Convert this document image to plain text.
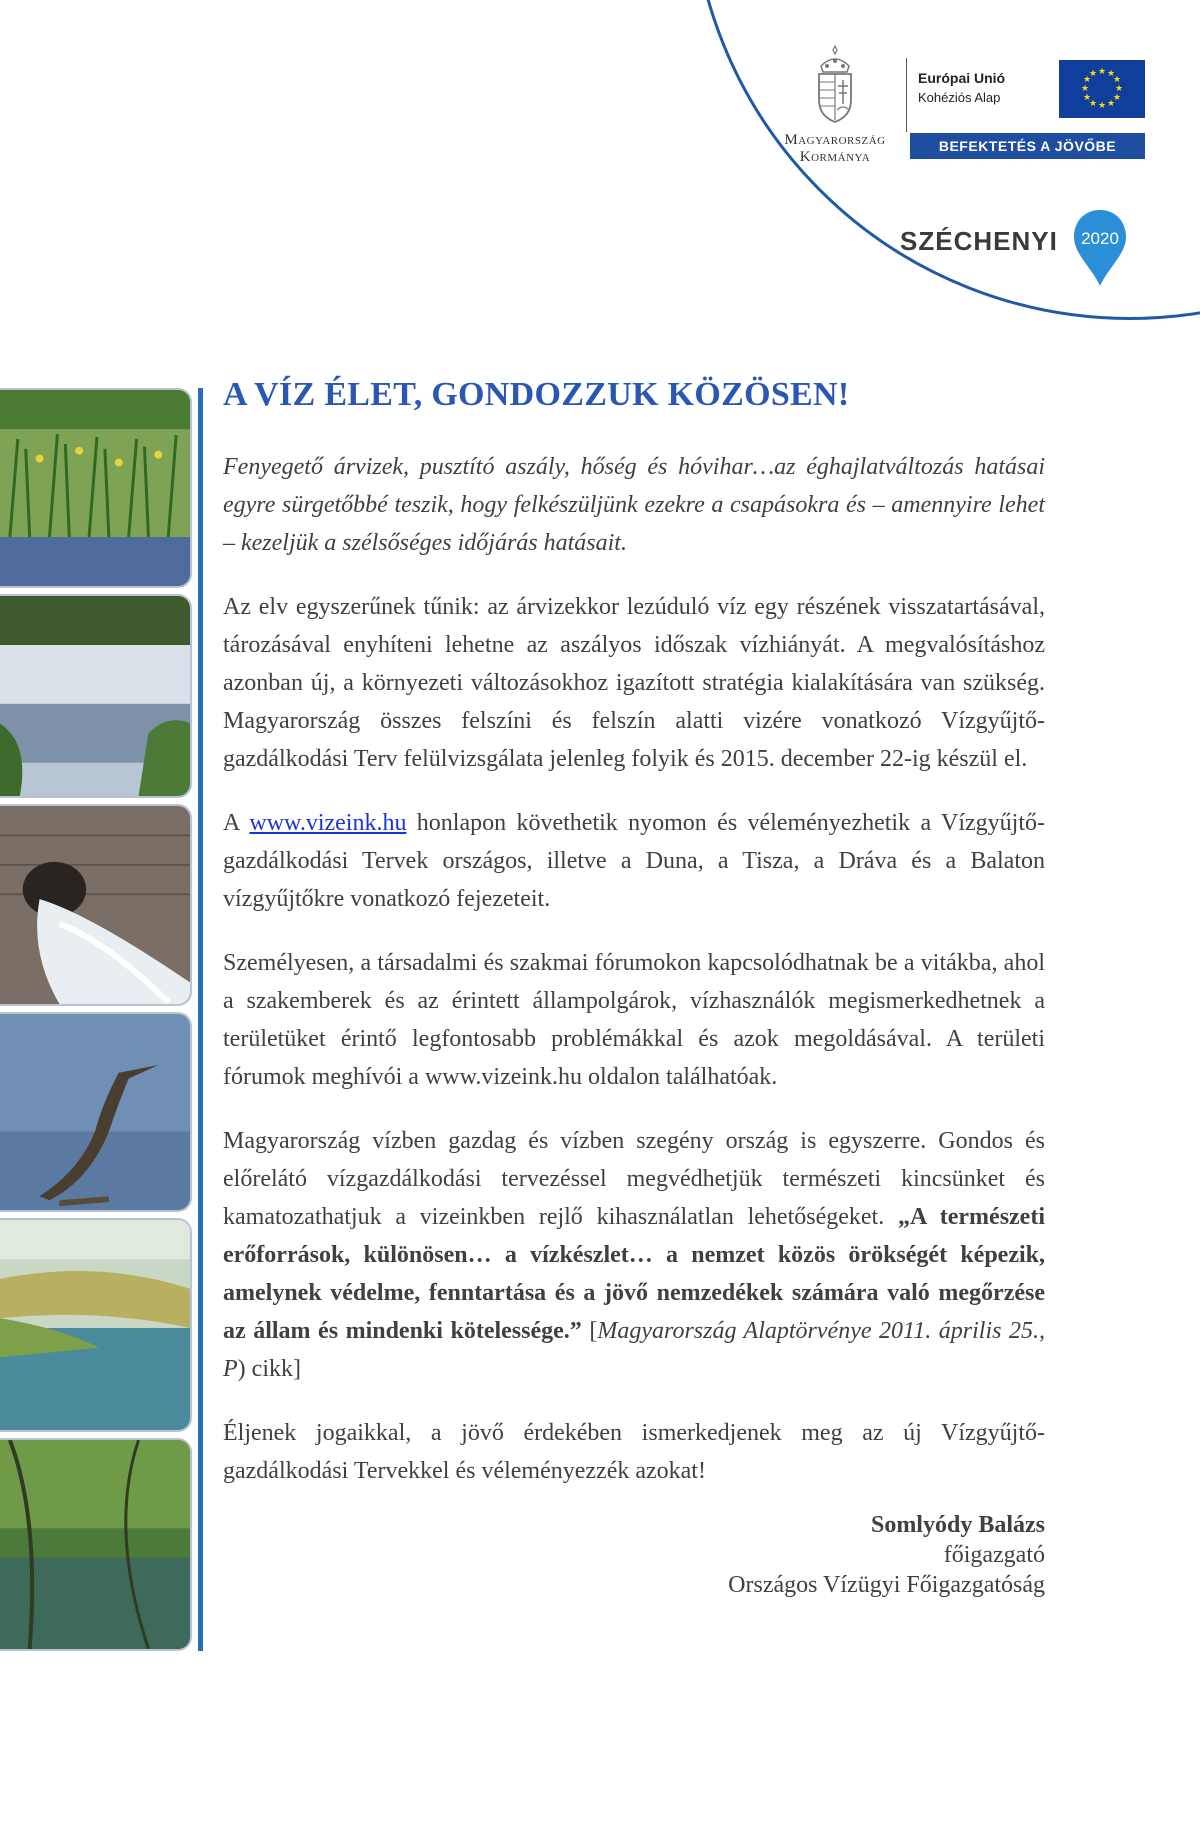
Magyarország
Kormánya
Európai Unió
Kohéziós Alap
★ ★
★
★
★
★
★
★
★
★
★
★
BEFEKTETÉS A JÖVŐBE
SZÉCHENYI 2020
A VÍZ ÉLET, GONDOZZUK KÖZÖSEN!

Fenyegető árvizek, pusztító aszály, hőség és hóvihar…az éghajlatváltozás hatásai egyre sürgetőbbé teszik, hogy felkészüljünk ezekre a csapásokra és – amennyire lehet – kezeljük a szélsőséges időjárás hatásait.

Az elv egyszerűnek tűnik: az árvizekkor lezúduló víz egy részének visszatartásával, tározásával enyhíteni lehetne az aszályos időszak vízhiányát. A megvalósításhoz azonban új, a környezeti változásokhoz igazított stratégia kialakítására van szükség. Magyarország összes felszíni és felszín alatti vizére vonatkozó Vízgyűjtő-gazdálkodási Terv felülvizsgálata jelenleg folyik és 2015. december 22-ig készül el.

A www.vizeink.hu honlapon követhetik nyomon és véleményezhetik a Vízgyűjtő-gazdálkodási Tervek országos, illetve a Duna, a Tisza, a Dráva és a Balaton vízgyűjtőkre vonatkozó fejezeteit.

Személyesen, a társadalmi és szakmai fórumokon kapcsolódhatnak be a vitákba, ahol a szakemberek és az érintett állampolgárok, vízhasználók megismerkedhetnek a területüket érintő legfontosabb problémákkal és azok megoldásával. A területi fórumok meghívói a www.vizeink.hu oldalon találhatóak.

Magyarország vízben gazdag és vízben szegény ország is egyszerre. Gondos és előrelátó vízgazdálkodási tervezéssel megvédhetjük természeti kincsünket és kamatozathatjuk a vizeinkben rejlő kihasználatlan lehetőségeket. „A természeti erőforrások, különösen… a vízkészlet… a nemzet közös örökségét képezik, amelynek védelme, fenntartása és a jövő nemzedékek számára való megőrzése az állam és mindenki kötelessége.” [Magyarország Alaptörvénye 2011. április 25., P) cikk]

Éljenek jogaikkal, a jövő érdekében ismerkedjenek meg az új Vízgyűjtő-gazdálkodási Tervekkel és véleményezzék azokat!

Somlyódy Balázs
főigazgató
Országos Vízügyi Főigazgatóság
